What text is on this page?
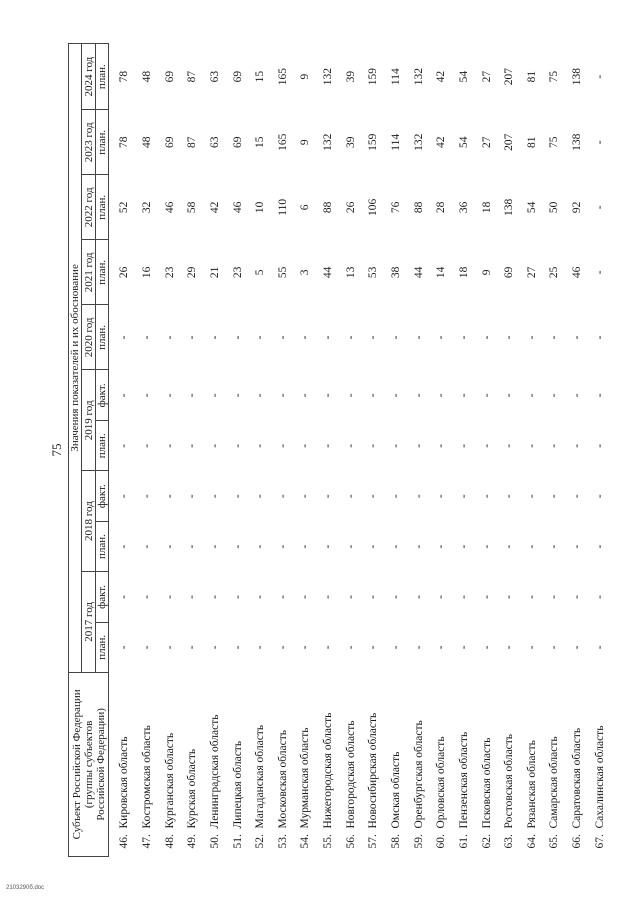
75
Субъект Российской Федерации (группы субъектов Российской Федерации)		Значения показателей и их обоснование										
		2017 год		2018 год		2019 год		2020 год	2021 год	2022 год	2023 год	2024 год
		план.	факт.	план.	факт.	план.	факт.	план.	план.	план.	план.	план.
46.	Кировская область	-	-	-	-	-	-	-	26	52	78	78
47.	Костромская область	-	-	-	-	-	-	-	16	32	48	48
48.	Курганская область	-	-	-	-	-	-	-	23	46	69	69
49.	Курская область	-	-	-	-	-	-	-	29	58	87	87
50.	Ленинградская область	-	-	-	-	-	-	-	21	42	63	63
51.	Липецкая область	-	-	-	-	-	-	-	23	46	69	69
52.	Магаданская область	-	-	-	-	-	-	-	5	10	15	15
53.	Московская область	-	-	-	-	-	-	-	55	110	165	165
54.	Мурманская область	-	-	-	-	-	-	-	3	6	9	9
55.	Нижегородская область	-	-	-	-	-	-	-	44	88	132	132
56.	Новгородская область	-	-	-	-	-	-	-	13	26	39	39
57.	Новосибирская область	-	-	-	-	-	-	-	53	106	159	159
58.	Омская область	-	-	-	-	-	-	-	38	76	114	114
59.	Оренбургская область	-	-	-	-	-	-	-	44	88	132	132
60.	Орловская область	-	-	-	-	-	-	-	14	28	42	42
61.	Пензенская область	-	-	-	-	-	-	-	18	36	54	54
62.	Псковская область	-	-	-	-	-	-	-	9	18	27	27
63.	Ростовская область	-	-	-	-	-	-	-	69	138	207	207
64.	Рязанская область	-	-	-	-	-	-	-	27	54	81	81
65.	Самарская область	-	-	-	-	-	-	-	25	50	75	75
66.	Саратовская область	-	-	-	-	-	-	-	46	92	138	138
67.	Сахалинская область	-	-	-	-	-	-	-	-	-	-	-
2103290б.doc
